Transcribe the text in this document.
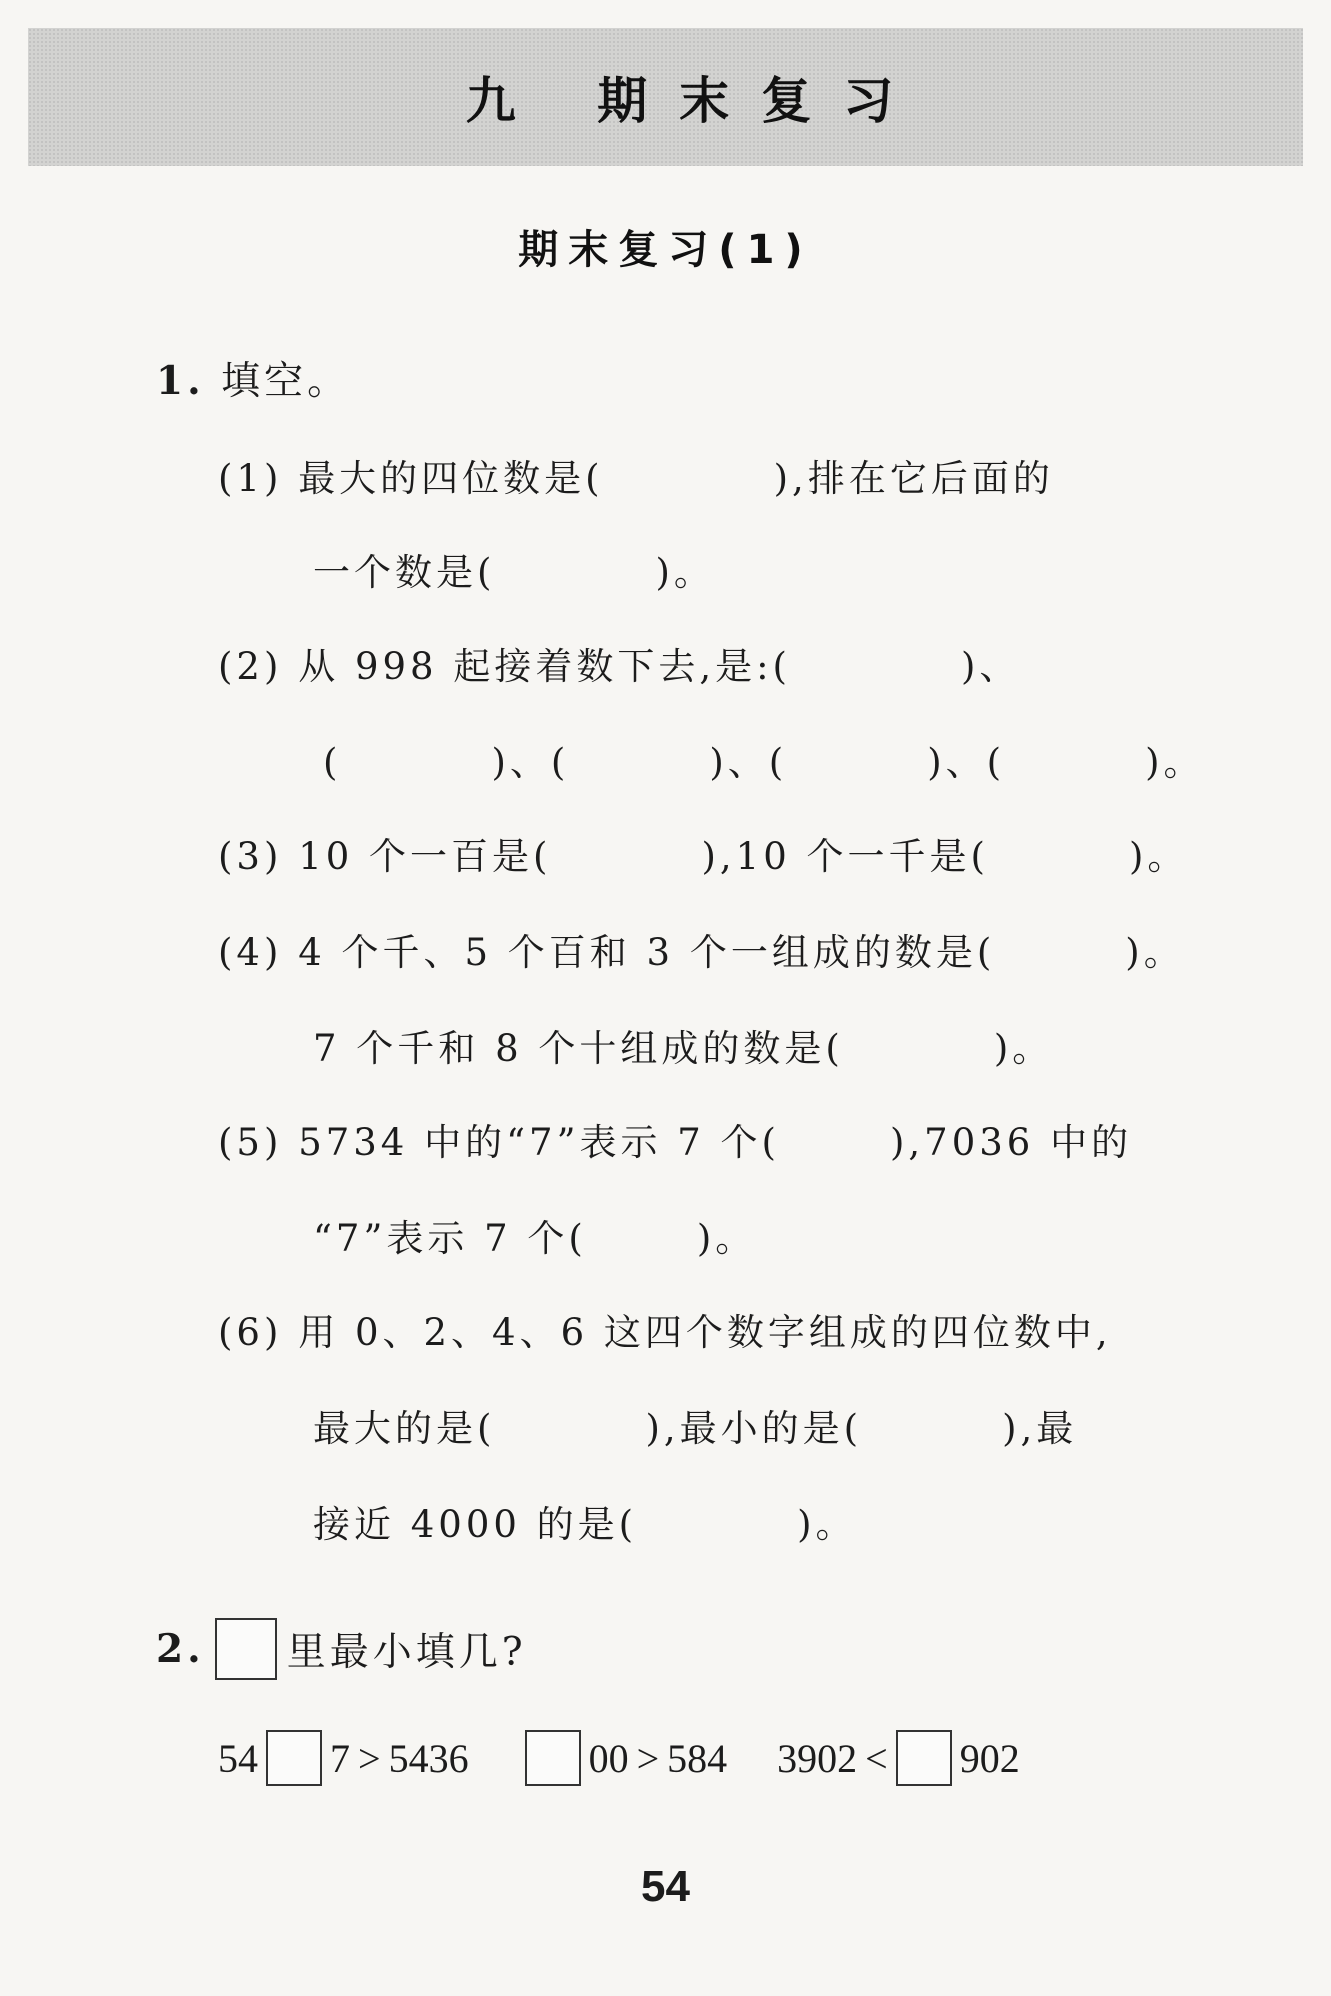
九 期末复习
期末复习(1)
1. 填空。
(1) 最大的四位数是(	),排在它后面的
一个数是(	)。
(2) 从 998 起接着数下去,是:(	)、
(	)、(	)、(	)、(	)。
(3) 10 个一百是(	),10 个一千是(	)。
(4) 4 个千、5 个百和 3 个一组成的数是(	)。
7 个千和 8 个十组成的数是(	)。
(5) 5734 中的“7”表示 7 个(	),7036 中的
“7”表示 7 个(	)。
(6) 用 0、2、4、6 这四个数字组成的四位数中,
最大的是(	),最小的是(	),最
接近 4000 的是(	)。
2. 里最小填几?
54 7 > 5436	00 > 584 3902 < 902
54
